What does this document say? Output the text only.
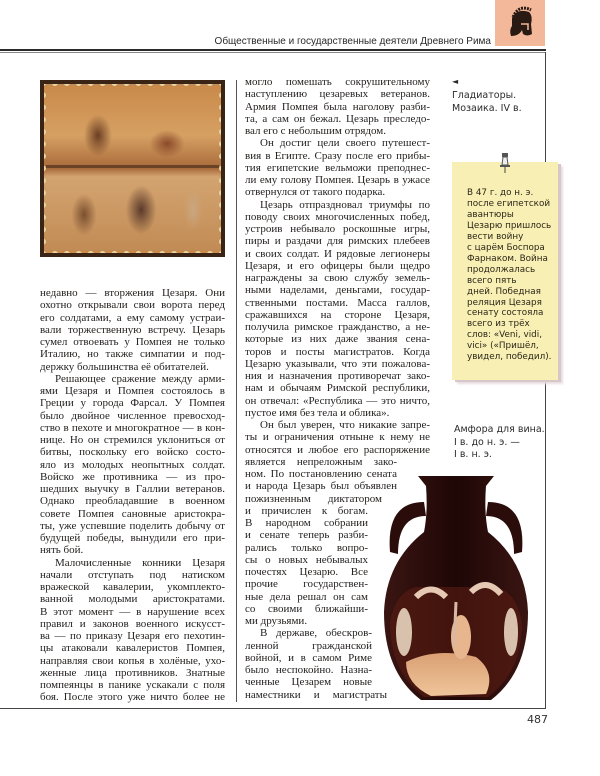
Общественные и государственные деятели Древнего Рима
недавно — вторжения Цезаря. Они
охотно открывали свои ворота перед
его солдатами, а ему самому устраи-
вали торжественную встречу. Цезарь
сумел отвоевать у Помпея не только
Италию, но также симпатии и под-
держку большинства её обитателей.
Решающее сражение между арми-
ями Цезаря и Помпея состоялось в
Греции у города Фарсал. У Помпея
было двойное численное превосход-
ство в пехоте и многократное — в кон-
нице. Но он стремился уклониться от
битвы, поскольку его войско состо-
яло из молодых неопытных солдат.
Войско же противника — из про-
шедших выучку в Галлии ветеранов.
Однако преобладавшие в военном
совете Помпея сановные аристокра-
ты, уже успевшие поделить добычу от
будущей победы, вынудили его при-
нять бой.
Малочисленные конники Цезаря
начали отступать под натиском
вражеской кавалерии, укомплекто-
ванной молодыми аристократами.
В этот момент — в нарушение всех
правил и законов военного искусст-
ва — по приказу Цезаря его пехотин-
цы атаковали кавалеристов Помпея,
направляя свои копья в холёные, ухо-
женные лица противников. Знатные
помпеянцы в панике ускакали с поля
боя. После этого уже ничто более не
могло помешать сокрушительному
наступлению цезаревых ветеранов.
Армия Помпея была наголову разби-
та, а сам он бежал. Цезарь преследо-
вал его с небольшим отрядом.
Он достиг цели своего путешест-
вия в Египте. Сразу после его прибы-
тия египетские вельможи преподнес-
ли ему голову Помпея. Цезарь в ужасе
отвернулся от такого подарка.
Цезарь отпраздновал триумфы по
поводу своих многочисленных побед,
устроив небывало роскошные игры,
пиры и раздачи для римских плебеев
и своих солдат. И рядовые легионеры
Цезаря, и его офицеры были щедро
награждены за свою службу земель-
ными наделами, деньгами, государ-
ственными постами. Масса галлов,
сражавшихся на стороне Цезаря,
получила римское гражданство, а не-
которые из них даже звания сена-
торов и посты магистратов. Когда
Цезарю указывали, что эти пожалова-
ния и назначения противоречат зако-
нам и обычаям Римской республики,
он отвечал: «Республика — это ничто,
пустое имя без тела и облика».
Он был уверен, что никакие запре-
ты и ограничения отныне к нему не
относятся и любое его распоряжение
является непреложным зако-
ном. По постановлению сената
и народа Цезарь был объявлен
пожизненным диктатором
и причислен к богам.
В народном собрании
и сенате теперь разби-
рались только вопро-
сы о новых небывалых
почестях Цезарю. Все
прочие государствен-
ные дела решал он сам
со своими ближайши-
ми друзьями.
В державе, обескров-
ленной гражданской
войной, и в самом Риме
было неспокойно. Назна-
ченные Цезарем новые
наместники и магистраты
◄
Гладиаторы.
Мозаика. IV в.
В 47 г. до н. э.
после египетской
авантюры
Цезарю пришлось
вести войну
с царём Боспора
Фарнаком. Война
продолжалась
всего пять
дней. Победная
реляция Цезаря
сенату состояла
всего из трёх
слов: «Veni, vidi,
vici» («Пришёл,
увидел, победил).
Амфора для вина.
I в. до н. э. —
I в. н. э.
487
